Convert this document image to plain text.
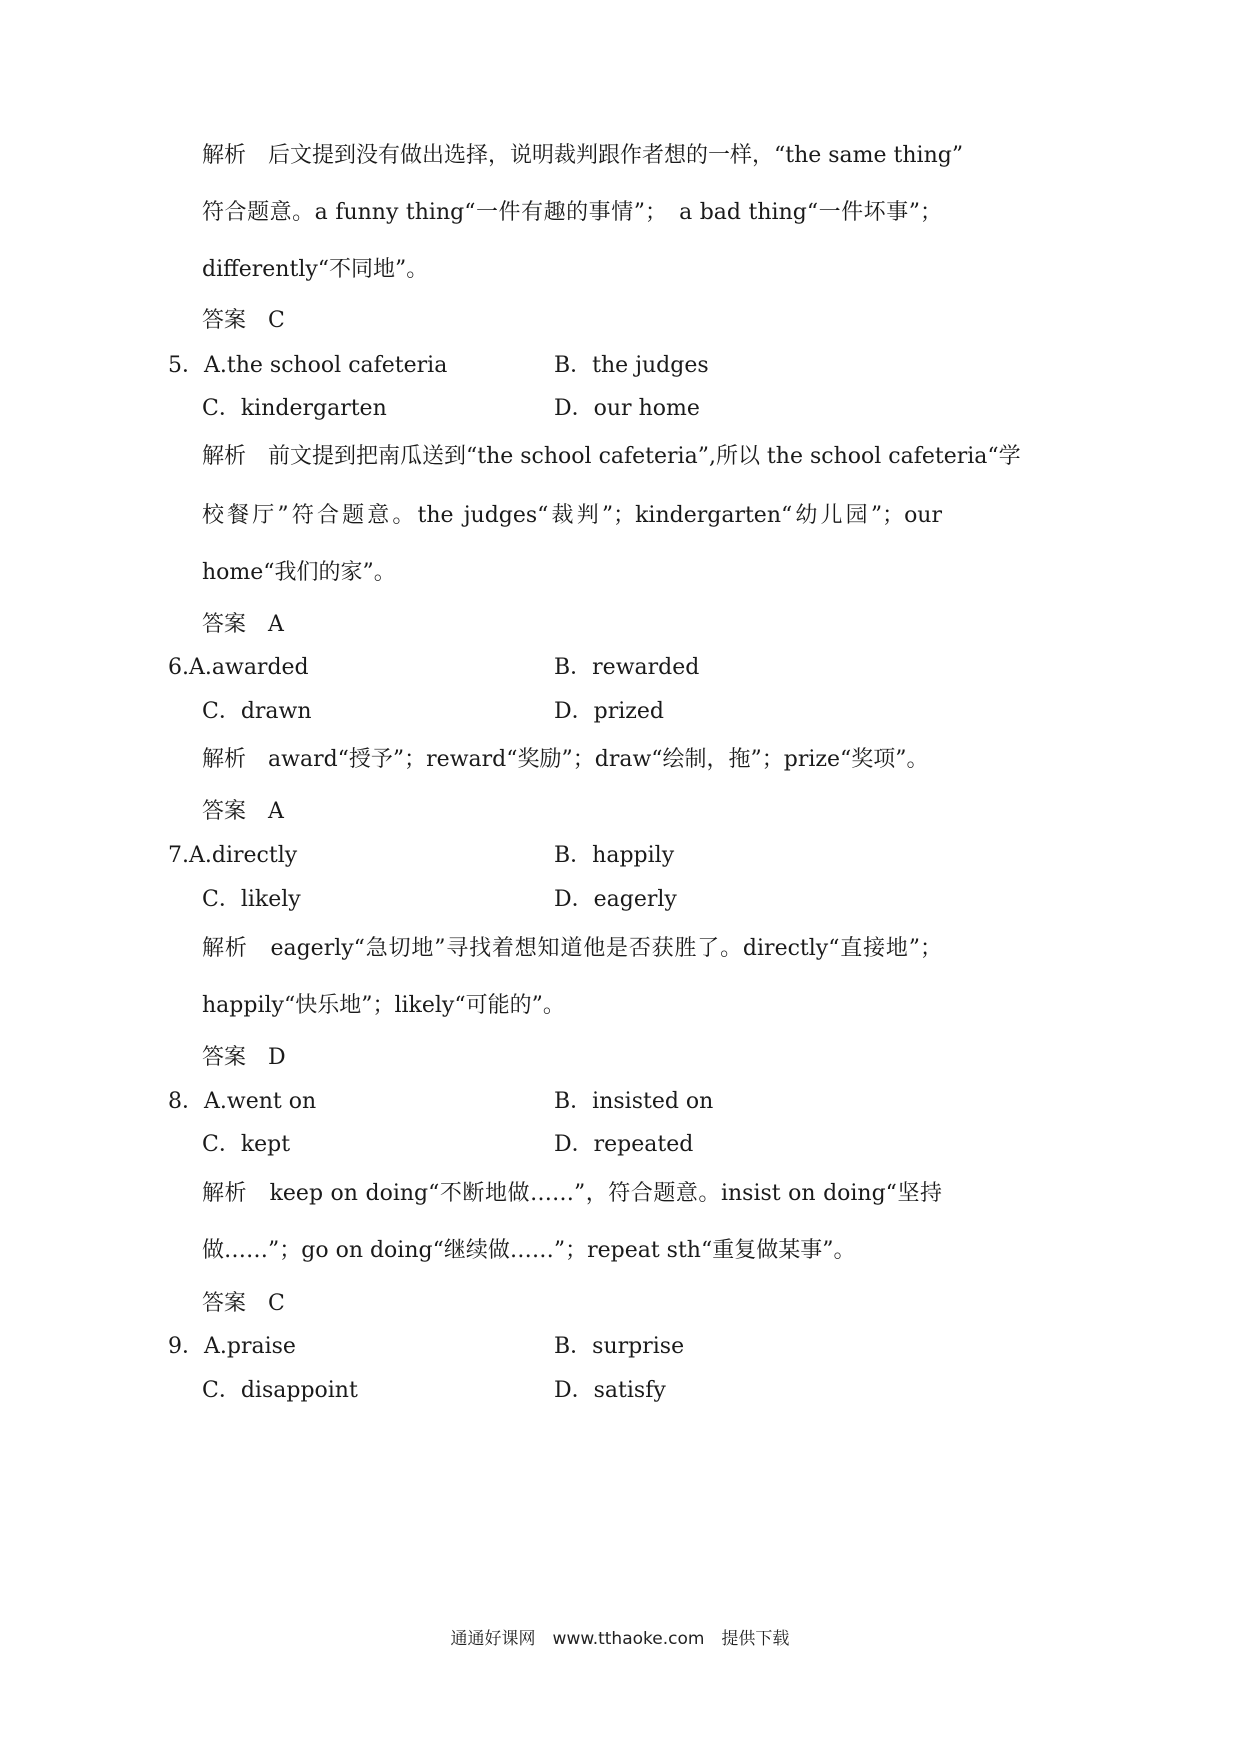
解析　后文提到没有做出选择，说明裁判跟作者想的一样，“the same thing”
符合题意。a funny thing“一件有趣的事情”；　a bad thing“一件坏事”；
differently“不同地”。
答案　C
5．A.the school cafeteria	B．the judges
C．kindergarten	D．our home
解析　前文提到把南瓜送到“the school cafeteria”,所以 the school cafeteria“学
校餐厅”符合题意。the judges“裁判”；kindergarten“幼儿园”；our
home“我们的家”。
答案　A
6.A.awarded	B．rewarded
C．drawn	D．prized
解析　award“授予”；reward“奖励”；draw“绘制，拖”；prize“奖项”。
答案　A
7.A.directly	B．happily
C．likely	D．eagerly
解析　eagerly“急切地”寻找着想知道他是否获胜了。directly“直接地”；
happily“快乐地”；likely“可能的”。
答案　D
8．A.went on	B．insisted on
C．kept	D．repeated
解析　keep on doing“不断地做……”，符合题意。insist on doing“坚持
做……”；go on doing“继续做……”；repeat sth“重复做某事”。
答案　C
9．A.praise	B．surprise
C．disappoint	D．satisfy
通通好课网　www.tthaoke.com　提供下载
